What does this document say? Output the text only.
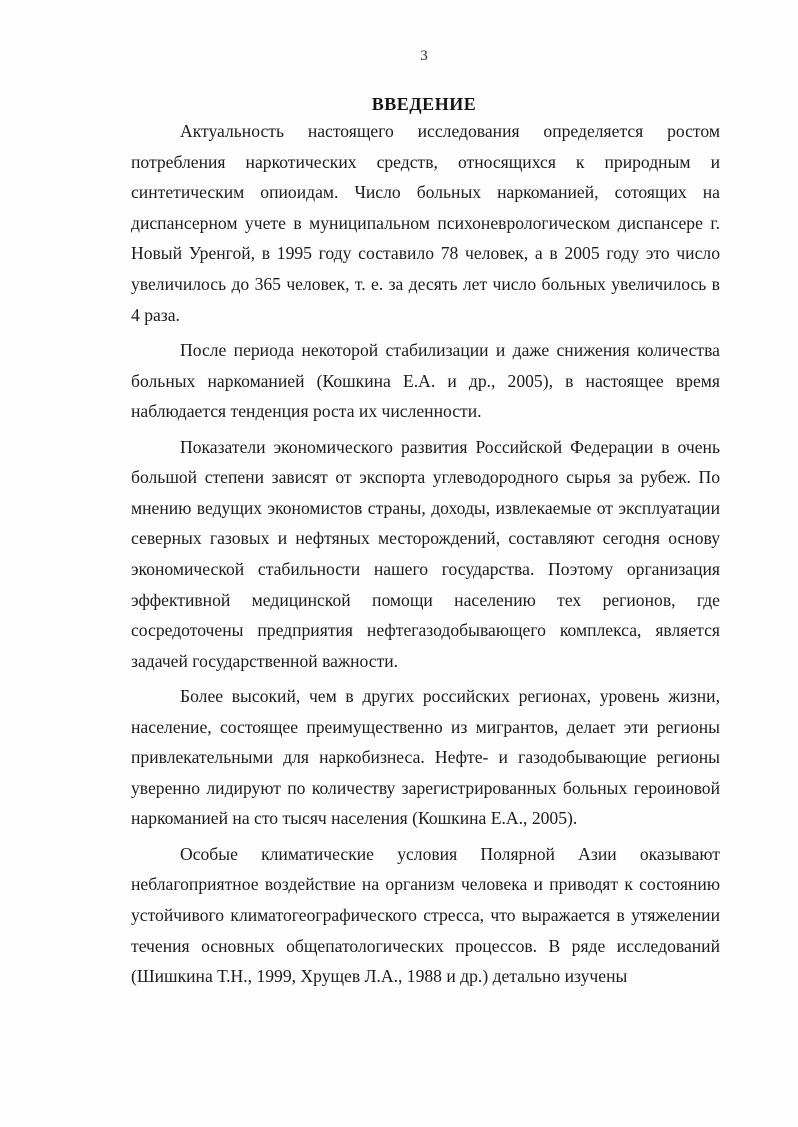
3
ВВЕДЕНИЕ

Актуальность настоящего исследования определяется ростом потребления наркотических средств, относящихся к природным и синтетическим опиоидам. Число больных наркоманией, сотоящих на диспансерном учете в муниципальном психоневрологическом диспансере г. Новый Уренгой, в 1995 году составило 78 человек, а в 2005 году это число увеличилось до 365 человек, т. е. за десять лет число больных увеличилось в 4 раза.

После периода некоторой стабилизации и даже снижения количества больных наркоманией (Кошкина Е.А. и др., 2005), в настоящее время наблюдается тенденция роста их численности.

Показатели экономического развития Российской Федерации в очень большой степени зависят от экспорта углеводородного сырья за рубеж. По мнению ведущих экономистов страны, доходы, извлекаемые от эксплуатации северных газовых и нефтяных месторождений, составляют сегодня основу экономической стабильности нашего государства. Поэтому организация эффективной медицинской помощи населению тех регионов, где сосредоточены предприятия нефтегазодобывающего комплекса, является задачей государственной важности.

Более высокий, чем в других российских регионах, уровень жизни, население, состоящее преимущественно из мигрантов, делает эти регионы привлекательными для наркобизнеса. Нефте- и газодобывающие регионы уверенно лидируют по количеству зарегистрированных больных героиновой наркоманией на сто тысяч населения (Кошкина Е.А., 2005).

Особые климатические условия Полярной Азии оказывают неблагоприятное воздействие на организм человека и приводят к состоянию устойчивого климатогеографического стресса, что выражается в утяжелении течения основных общепатологических процессов. В ряде исследований (Шишкина Т.Н., 1999, Хрущев Л.А., 1988 и др.) детально изучены
